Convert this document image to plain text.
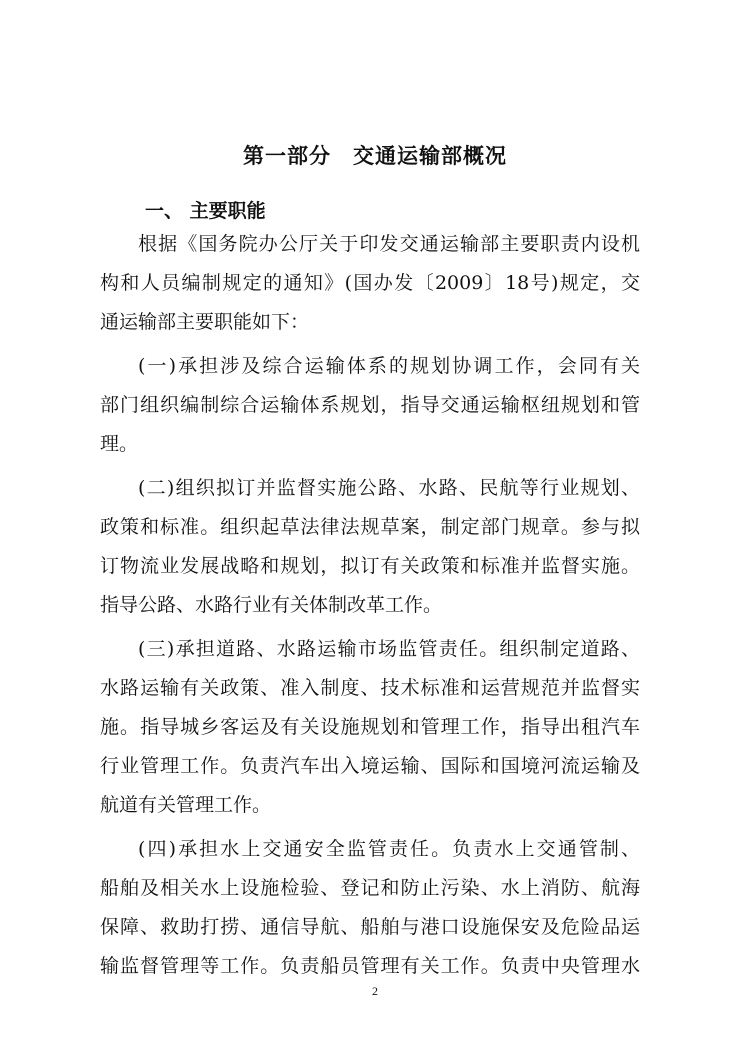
第一部分　交通运输部概况
一、 主要职能
根据《国务院办公厅关于印发交通运输部主要职责内设机
构和人员编制规定的通知》(国办发〔2009〕18号)规定，交
通运输部主要职能如下：
(一)承担涉及综合运输体系的规划协调工作，会同有关
部门组织编制综合运输体系规划，指导交通运输枢纽规划和管
理。
(二)组织拟订并监督实施公路、水路、民航等行业规划、
政策和标准。组织起草法律法规草案，制定部门规章。参与拟
订物流业发展战略和规划，拟订有关政策和标准并监督实施。
指导公路、水路行业有关体制改革工作。
(三)承担道路、水路运输市场监管责任。组织制定道路、
水路运输有关政策、准入制度、技术标准和运营规范并监督实
施。指导城乡客运及有关设施规划和管理工作，指导出租汽车
行业管理工作。负责汽车出入境运输、国际和国境河流运输及
航道有关管理工作。
(四)承担水上交通安全监管责任。负责水上交通管制、
船舶及相关水上设施检验、登记和防止污染、水上消防、航海
保障、救助打捞、通信导航、船舶与港口设施保安及危险品运
输监督管理等工作。负责船员管理有关工作。负责中央管理水
2
